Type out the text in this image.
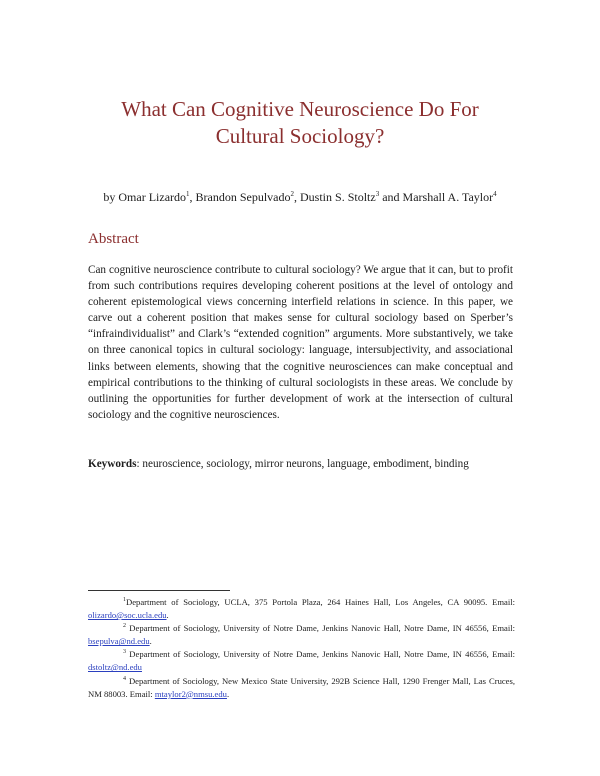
What Can Cognitive Neuroscience Do For
Cultural Sociology?
by Omar Lizardo$^1$, Brandon Sepulvado$^2$, Dustin S. Stoltz$^3$ and Marshall A. Taylor$^4$
Abstract

Can cognitive neuroscience contribute to cultural sociology? We argue that it can, but to profit from such contributions requires developing coherent positions at the level of ontology and coherent epistemological views concerning interfield relations in science. In this paper, we carve out a coherent position that makes sense for cultural sociology based on Sperber’s “infraindividualist” and Clark’s “extended cognition” arguments. More substantively, we take on three canonical topics in cultural sociology: language, intersubjectivity, and associational links between elements, showing that the cognitive neurosciences can make conceptual and empirical contributions to the thinking of cultural sociologists in these areas. We conclude by outlining the opportunities for further development of work at the intersection of cultural sociology and the cognitive neurosciences.

Keywords: neuroscience, sociology, mirror neurons, language, embodiment, binding

$^1$Department of Sociology, UCLA, 375 Portola Plaza, 264 Haines Hall, Los Angeles, CA 90095. Email: olizardo@soc.ucla.edu.

$^2$ Department of Sociology, University of Notre Dame, Jenkins Nanovic Hall, Notre Dame, IN 46556, Email: bsepulva@nd.edu.

$^3$ Department of Sociology, University of Notre Dame, Jenkins Nanovic Hall, Notre Dame, IN 46556, Email: dstoltz@nd.edu

$^4$ Department of Sociology, New Mexico State University, 292B Science Hall, 1290 Frenger Mall, Las Cruces, NM 88003. Email: mtaylor2@nmsu.edu.
